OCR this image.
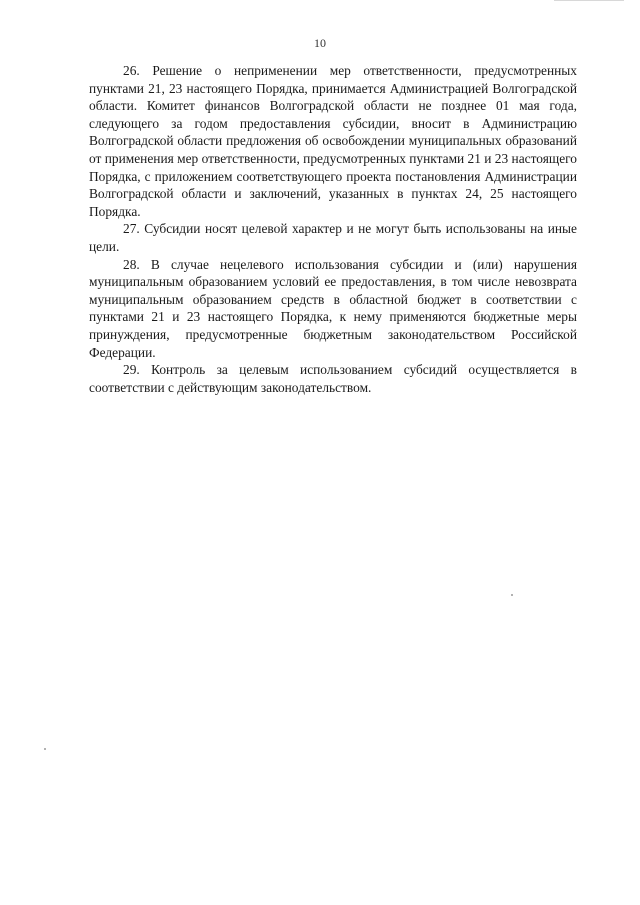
10

26. Решение о неприменении мер ответственности, предусмотренных пунктами 21, 23 настоящего Порядка, принимается Администрацией Волгоградской области. Комитет финансов Волгоградской области не позднее 01 мая года, следующего за годом предоставления субсидии, вносит в Администрацию Волгоградской области предложения об освобождении муниципальных образований от применения мер ответственности, предусмотренных пунктами 21 и 23 настоящего Порядка, с приложением соответствующего проекта постановления Администрации Волгоградской области и заключений, указанных в пунктах 24, 25 настоящего Порядка.

27. Субсидии носят целевой характер и не могут быть использованы на иные цели.

28. В случае нецелевого использования субсидии и (или) нарушения муниципальным образованием условий ее предоставления, в том числе невозврата муниципальным образованием средств в областной бюджет в соответствии с пунктами 21 и 23 настоящего Порядка, к нему применяются бюджетные меры принуждения, предусмотренные бюджетным законодательством Российской Федерации.

29. Контроль за целевым использованием субсидий осуществляется в соответствии с действующим законодательством.
